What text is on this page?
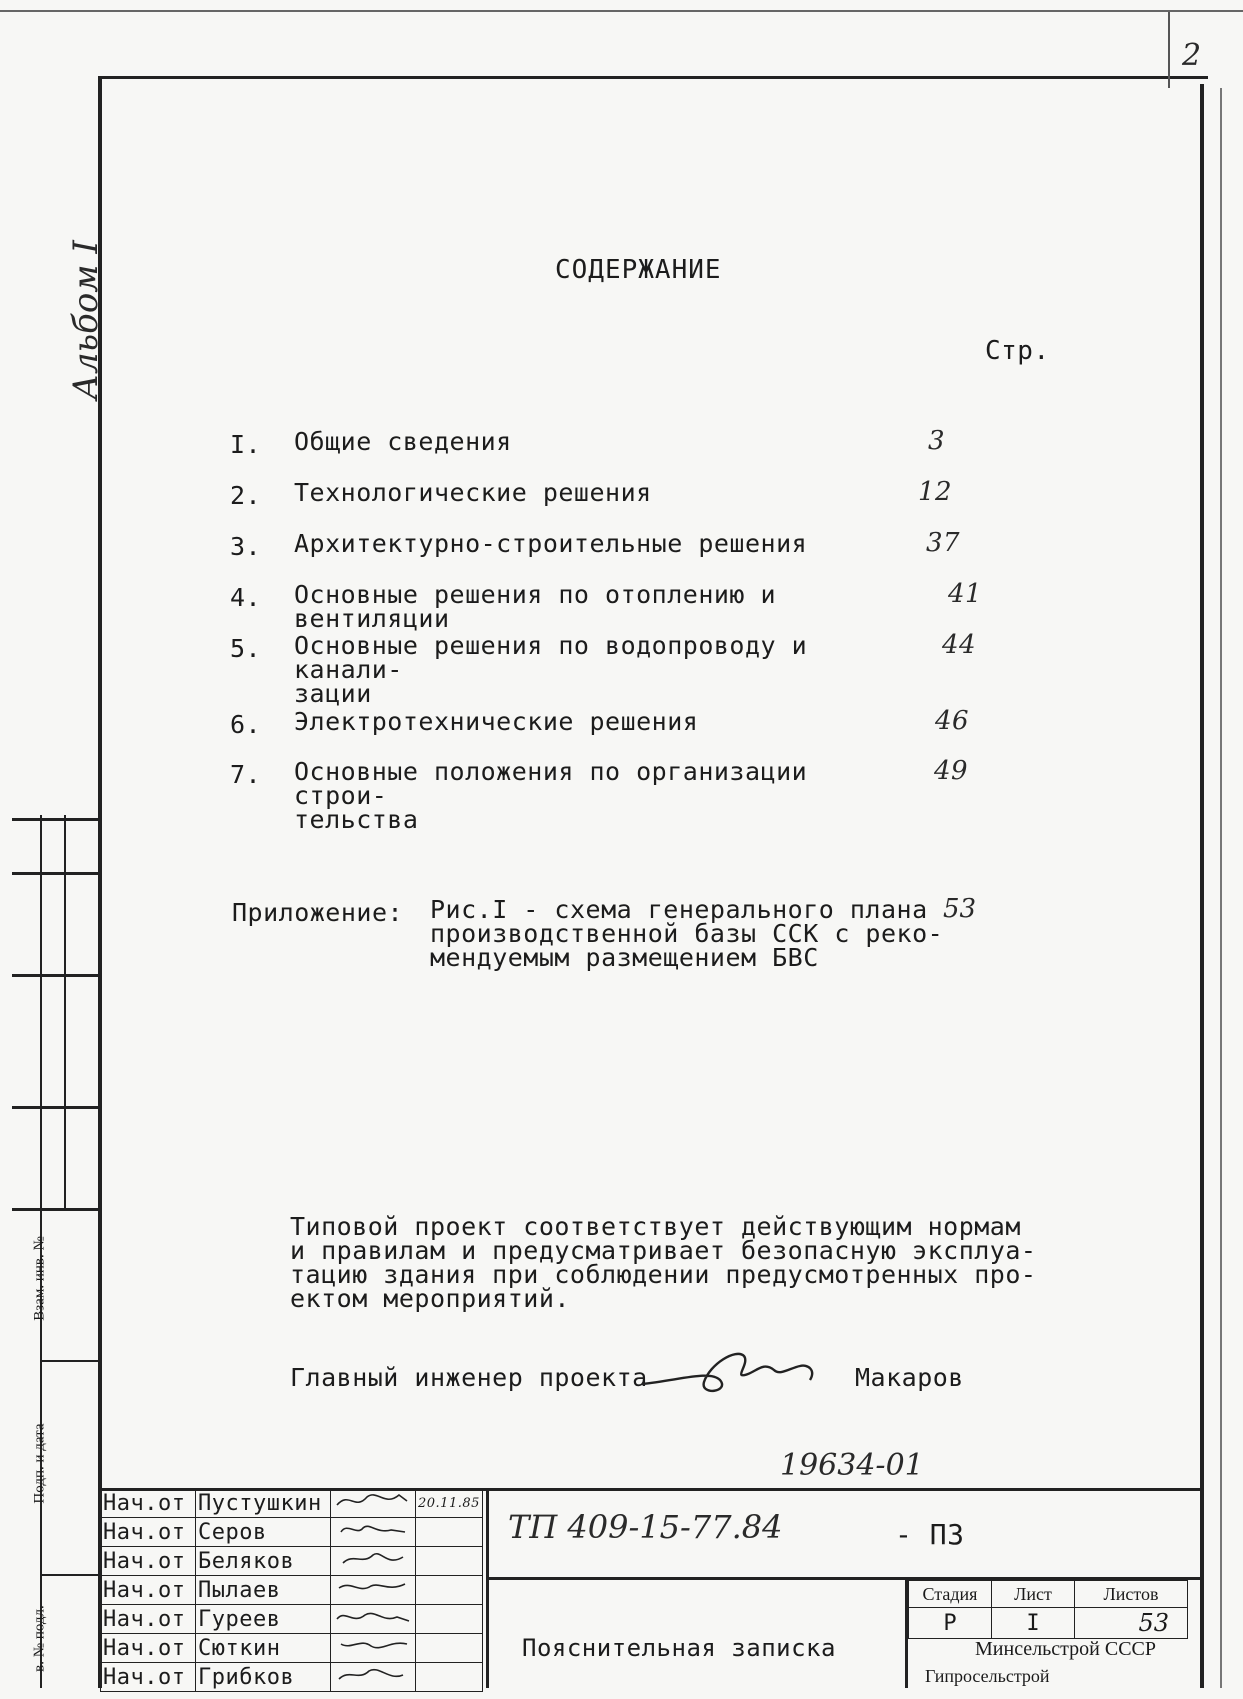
2
Альбом I
Взам. инв. №
Подп. и дата
в. № подл.
СОДЕРЖАНИЕ
Стр.
I. Общие сведения	3
2. Технологические решения	12
3. Архитектурно-строительные решения	37
4. Основные решения по отоплению и вентиляции
41
5. Основные решения по водопроводу и канали-
зации
44
6. Электротехнические решения	46
7. Основные положения по организации строи-
тельства
49
Приложение: Рис.I - схема генерального плана
производственной базы ССК с реко-
мендуемым размещением БВС
53
Типовой проект соответствует действующим нормам
и правилам и предусматривает безопасную эксплуа-
тацию здания при соблюдении предусмотренных про-
ектом мероприятий.
Главный инженер проекта	Макаров
19634-01
Нач.от	Пустушкин		20.11.85
Нач.от	Серов		
Нач.от	Беляков		
Нач.от	Пылаев		
Нач.от	Гуреев		
Нач.от	Сюткин		
Нач.от	Грибков		
ТП 409-15-77.84	- ПЗ
Пояснительная записка
Стадия	Лист	Листов
Р	I	53
Минсельстрой СССР
Гипросельстрой
